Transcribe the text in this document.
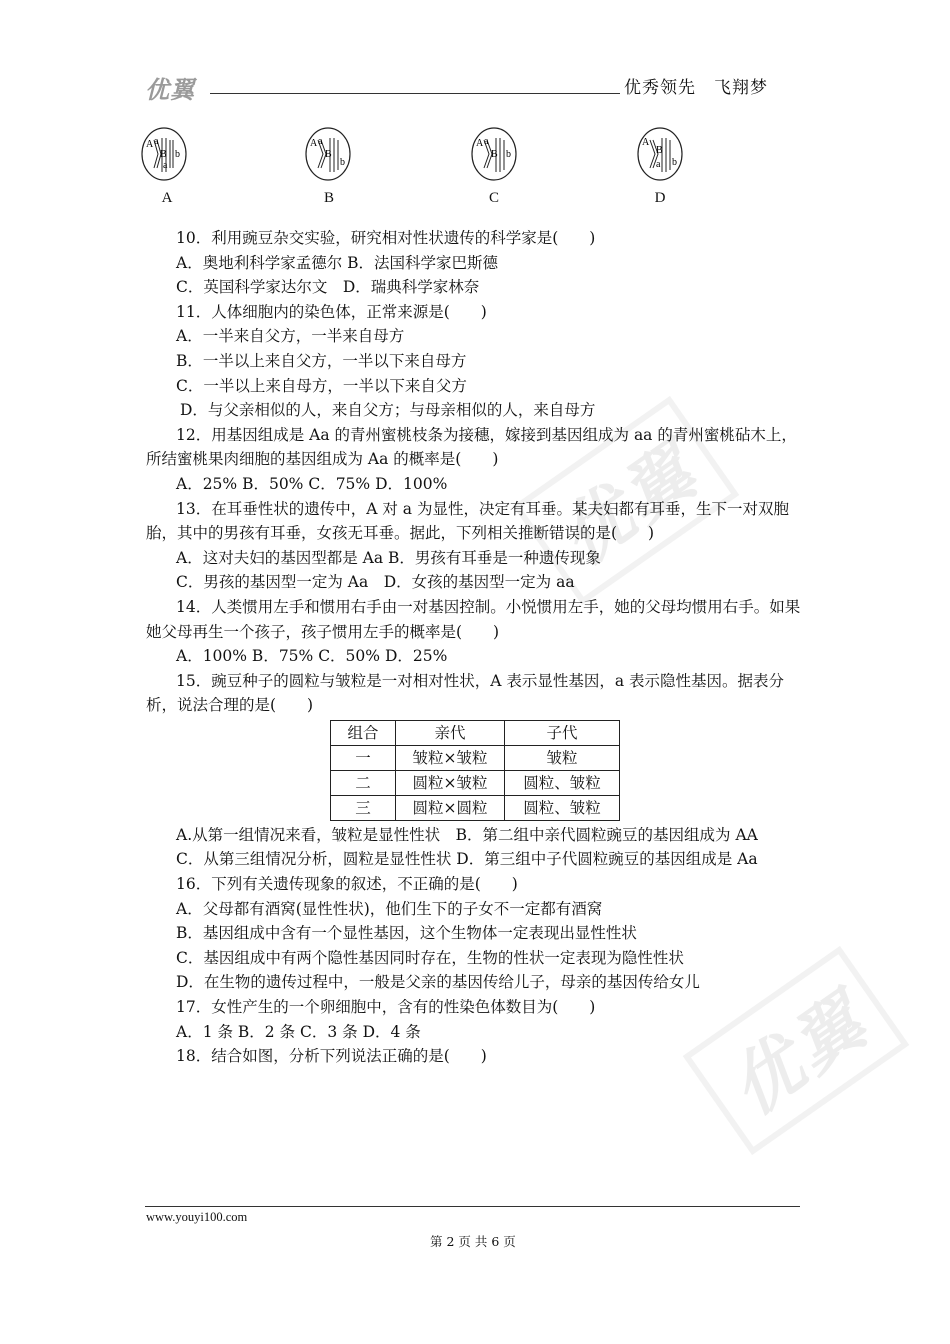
优翼	优秀领先　飞翔梦
优翼
优翼
A a
B b
a
A
A a
B
b
B
A a
B b
C
A
B
b
a
D

10．利用豌豆杂交实验，研究相对性状遗传的科学家是(　　)

A．奥地利科学家孟德尔 B．法国科学家巴斯德

C．英国科学家达尔文　D．瑞典科学家林奈

11．人体细胞内的染色体，正常来源是(　　)

A．一半来自父方，一半来自母方

B．一半以上来自父方，一半以下来自母方

C．一半以上来自母方，一半以下来自父方

D．与父亲相似的人，来自父方；与母亲相似的人，来自母方

12．用基因组成是 Aa 的青州蜜桃枝条为接穗，嫁接到基因组成为 aa 的青州蜜桃砧木上，所结蜜桃果肉细胞的基因组成为 Aa 的概率是(　　)

A．25% B．50% C．75% D．100%

13．在耳垂性状的遗传中，A 对 a 为显性，决定有耳垂。某夫妇都有耳垂，生下一对双胞胎，其中的男孩有耳垂，女孩无耳垂。据此，下列相关推断错误的是(　　)

A．这对夫妇的基因型都是 Aa B．男孩有耳垂是一种遗传现象

C．男孩的基因型一定为 Aa　D．女孩的基因型一定为 aa

14．人类惯用左手和惯用右手由一对基因控制。小悦惯用左手，她的父母均惯用右手。如果她父母再生一个孩子，孩子惯用左手的概率是(　　)

A．100% B．75% C．50% D．25%

15．豌豆种子的圆粒与皱粒是一对相对性状，A 表示显性基因，a 表示隐性基因。据表分析，说法合理的是(　　)

组合	亲代	子代
一	皱粒×皱粒	皱粒
二	圆粒×皱粒	圆粒、皱粒
三	圆粒×圆粒	圆粒、皱粒

A.从第一组情况来看，皱粒是显性性状　B．第二组中亲代圆粒豌豆的基因组成为 AA

C．从第三组情况分析，圆粒是显性性状 D．第三组中子代圆粒豌豆的基因组成是 Aa

16．下列有关遗传现象的叙述，不正确的是(　　)

A．父母都有酒窝(显性性状)，他们生下的子女不一定都有酒窝

B．基因组成中含有一个显性基因，这个生物体一定表现出显性性状

C．基因组成中有两个隐性基因同时存在，生物的性状一定表现为隐性性状

D．在生物的遗传过程中，一般是父亲的基因传给儿子，母亲的基因传给女儿

17．女性产生的一个卵细胞中，含有的性染色体数目为(　　)

A．1 条 B．2 条 C．3 条 D．4 条

18．结合如图，分析下列说法正确的是(　　)

www.youyi100.com
第 2 页 共 6 页
